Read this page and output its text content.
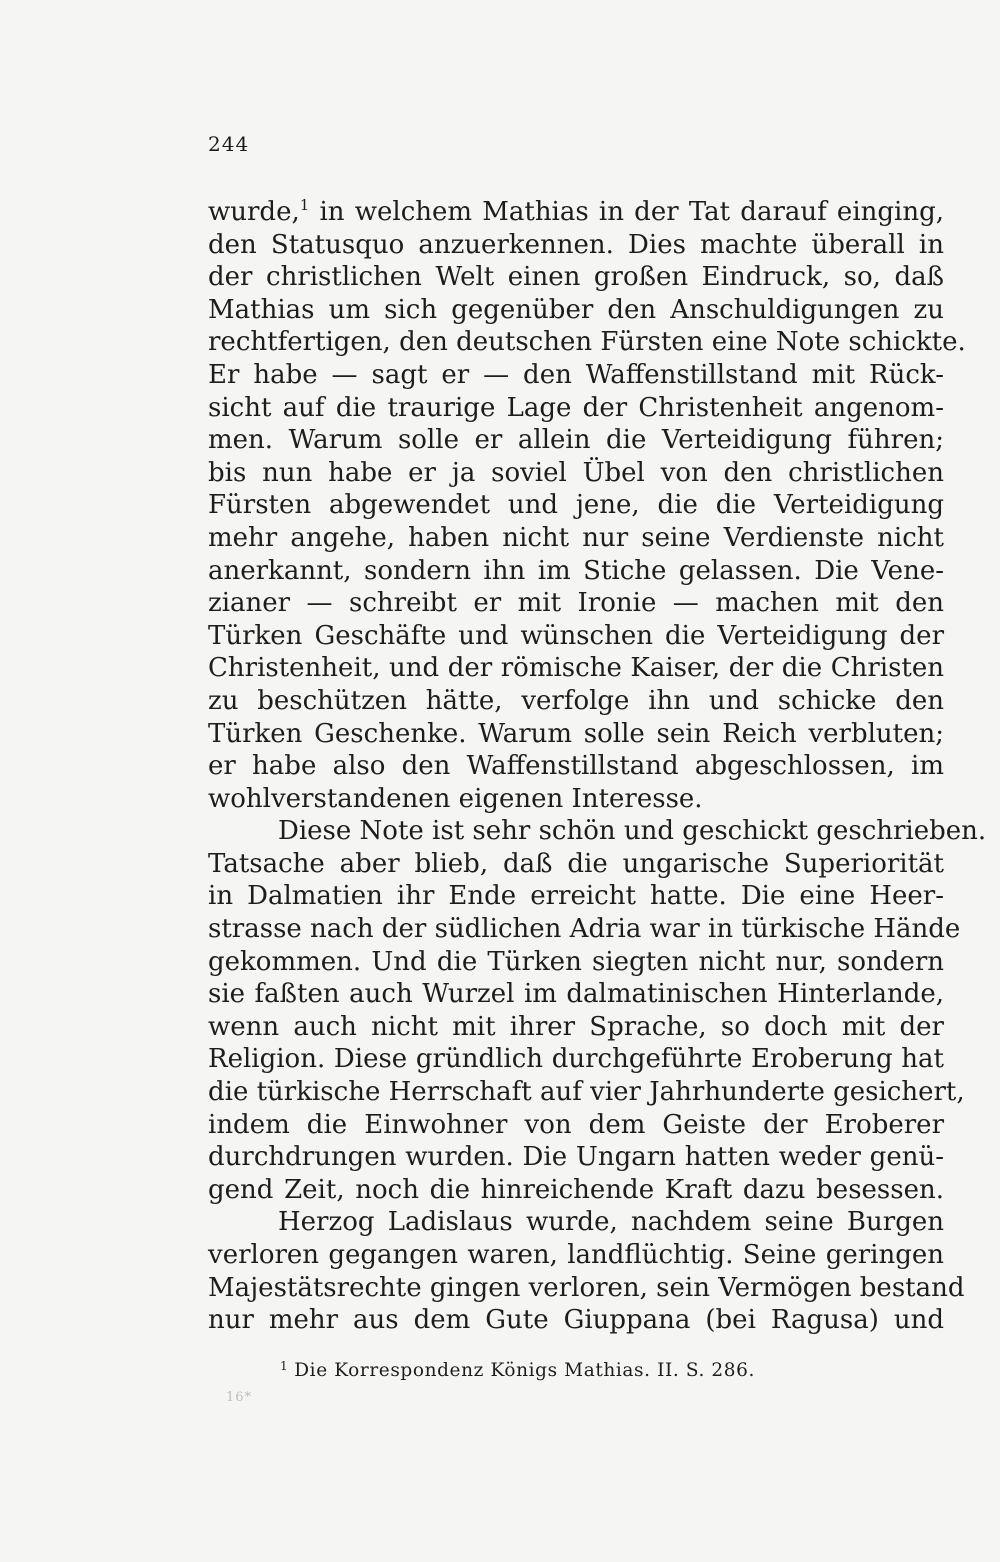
244
wurde,$^1$ in welchem Mathias in der Tat darauf einging,
den Statusquo anzuerkennen. Dies machte überall in
der christlichen Welt einen großen Eindruck, so, daß
Mathias um sich gegenüber den Anschuldigungen zu
rechtfertigen, den deutschen Fürsten eine Note schickte.
Er habe — sagt er — den Waffenstillstand mit Rück-
sicht auf die traurige Lage der Christenheit angenom-
men. Warum solle er allein die Verteidigung führen;
bis nun habe er ja soviel Übel von den christlichen
Fürsten abgewendet und jene, die die Verteidigung
mehr angehe, haben nicht nur seine Verdienste nicht
anerkannt, sondern ihn im Stiche gelassen. Die Vene-
zianer — schreibt er mit Ironie — machen mit den
Türken Geschäfte und wünschen die Verteidigung der
Christenheit, und der römische Kaiser, der die Christen
zu beschützen hätte, verfolge ihn und schicke den
Türken Geschenke. Warum solle sein Reich verbluten;
er habe also den Waffenstillstand abgeschlossen, im
wohlverstandenen eigenen Interesse.
Diese Note ist sehr schön und geschickt geschrieben.
Tatsache aber blieb, daß die ungarische Superiorität
in Dalmatien ihr Ende erreicht hatte. Die eine Heer-
strasse nach der südlichen Adria war in türkische Hände
gekommen. Und die Türken siegten nicht nur, sondern
sie faßten auch Wurzel im dalmatinischen Hinterlande,
wenn auch nicht mit ihrer Sprache, so doch mit der
Religion. Diese gründlich durchgeführte Eroberung hat
die türkische Herrschaft auf vier Jahrhunderte gesichert,
indem die Einwohner von dem Geiste der Eroberer
durchdrungen wurden. Die Ungarn hatten weder genü-
gend Zeit, noch die hinreichende Kraft dazu besessen.
Herzog Ladislaus wurde, nachdem seine Burgen
verloren gegangen waren, landflüchtig. Seine geringen
Majestätsrechte gingen verloren, sein Vermögen bestand
nur mehr aus dem Gute Giuppana (bei Ragusa) und
$^1$ Die Korrespondenz Königs Mathias. II. S. 286.
16*
